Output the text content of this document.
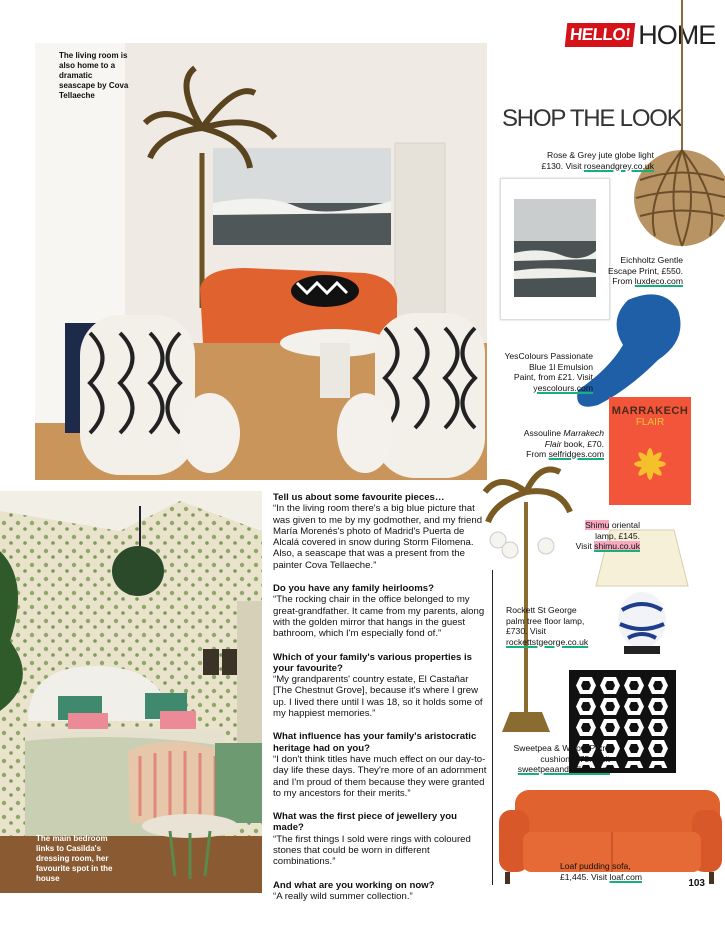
HELLO! HOME
SHOP THE LOOK
The living room is also home to a dramatic seascape by Cova Tellaeche
The main bedroom links to Casilda's dressing room, her favourite spot in the house

Tell us about some favourite pieces…

“In the living room there's a big blue picture that was given to me by my godmother, and my friend María Morenés's photo of Madrid's Puerta de Alcalá covered in snow during Storm Filomena. Also, a seascape that was a present from the painter Cova Tellaeche.”

Do you have any family heirlooms?

“The rocking chair in the office belonged to my great-grandfather. It came from my parents, along with the golden mirror that hangs in the guest bathroom, which I'm especially fond of.”

Which of your family's various properties is your favourite?

“My grandparents' country estate, El Castañar [The Chestnut Grove], because it's where I grew up. I lived there until I was 18, so it holds some of my happiest memories.”

What influence has your family's aristocratic heritage had on you?

“I don't think titles have much effect on our day-to-day life these days. They're more of an adornment and I'm proud of them because they were granted to my ancestors for their merits.”

What was the first piece of jewellery you made?

“The first things I sold were rings with coloured stones that could be worn in different combinations.”

And what are you working on now?

“A really wild summer collection.”

Rose & Grey jute globe light
£130. Visit roseandgrey.co.uk
Eichholtz Gentle
Escape Print, £550.
From luxdeco.com
YesColours Passionate
Blue 1l Emulsion
Paint, from £21. Visit
yescolours.com
MARRAKECH
FLAIR
Assouline Marrakech
Flair book, £70.
From selfridges.com
Rockett St George
palm tree floor lamp,
£730. Visit
rockettstgeorge.co.uk
Shimu oriental
lamp, £145.
Visit shimu.co.uk
Sweetpea & Willow Petra
cushion, £75. Visit
sweetpeaandwillow.com
Loaf pudding sofa,
£1,445. Visit loaf.com
103
